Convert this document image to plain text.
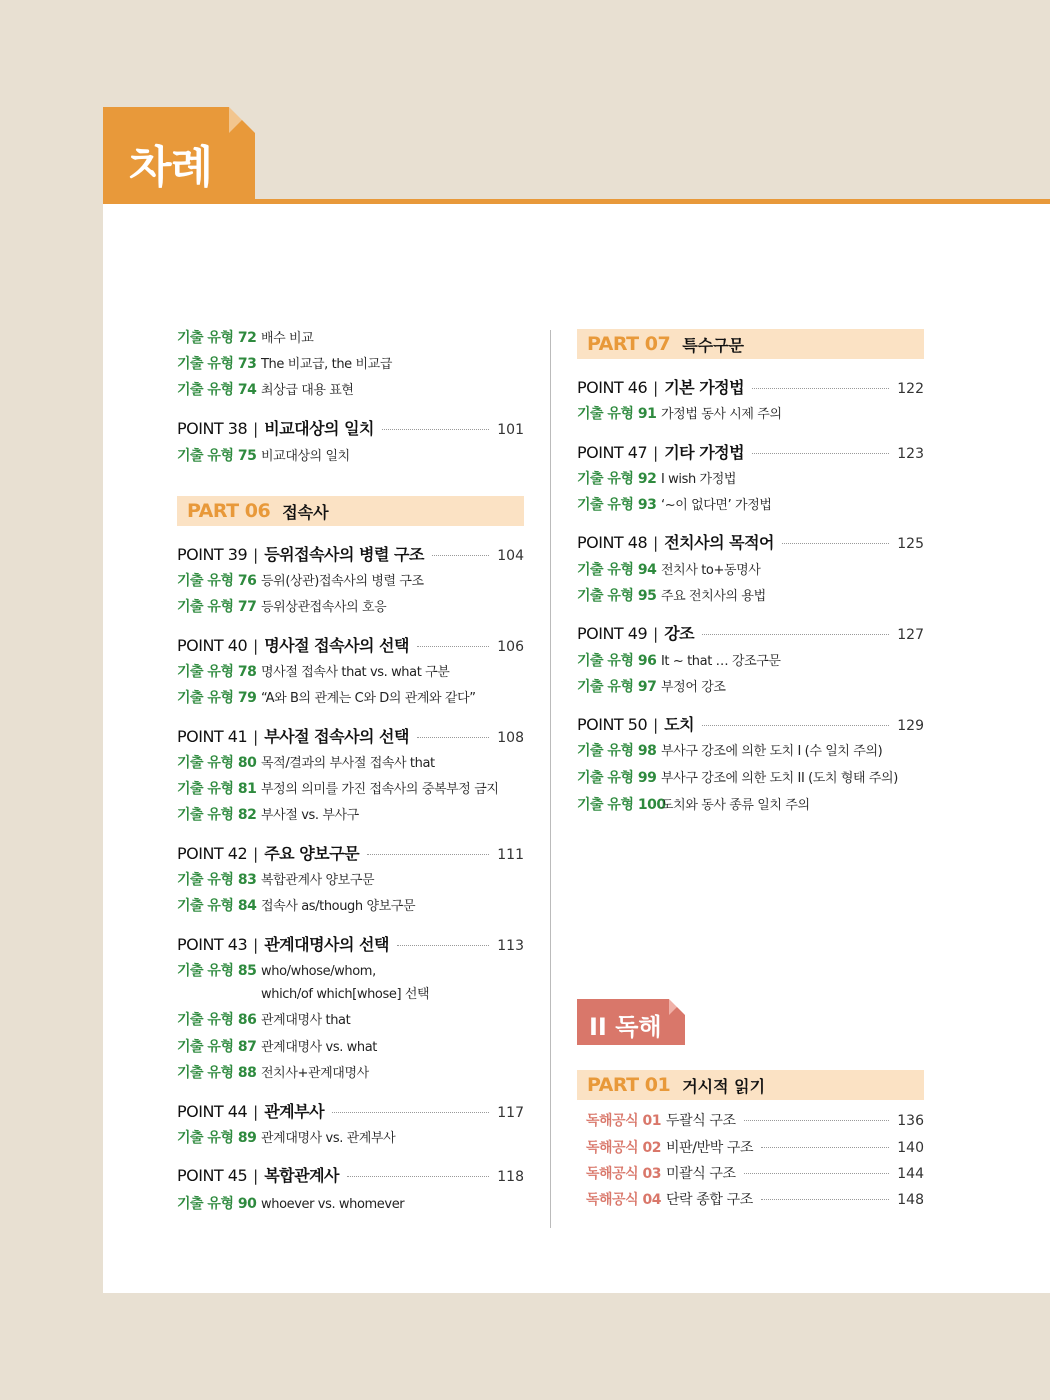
차례
기출 유형 72 배수 비교
기출 유형 73 The 비교급, the 비교급
기출 유형 74 최상급 대용 표현
POINT 38 | 비교대상의 일치	101
기출 유형 75 비교대상의 일치
PART 06 접속사
POINT 39 | 등위접속사의 병렬 구조	104
기출 유형 76 등위(상관)접속사의 병렬 구조
기출 유형 77 등위상관접속사의 호응
POINT 40 | 명사절 접속사의 선택	106
기출 유형 78 명사절 접속사 that vs. what 구분
기출 유형 79 “A와 B의 관계는 C와 D의 관계와 같다”
POINT 41 | 부사절 접속사의 선택	108
기출 유형 80 목적/결과의 부사절 접속사 that
기출 유형 81 부정의 의미를 가진 접속사의 중복부정 금지
기출 유형 82 부사절 vs. 부사구
POINT 42 | 주요 양보구문	111
기출 유형 83 복합관계사 양보구문
기출 유형 84 접속사 as/though 양보구문
POINT 43 | 관계대명사의 선택	113
기출 유형 85 who/whose/whom,
which/of which[whose] 선택
기출 유형 86 관계대명사 that
기출 유형 87 관계대명사 vs. what
기출 유형 88 전치사+관계대명사
POINT 44 | 관계부사	117
기출 유형 89 관계대명사 vs. 관계부사
POINT 45 | 복합관계사	118
기출 유형 90 whoever vs. whomever
PART 07 특수구문
POINT 46 | 기본 가정법	122
기출 유형 91 가정법 동사 시제 주의
POINT 47 | 기타 가정법	123
기출 유형 92 I wish 가정법
기출 유형 93 ‘~이 없다면’ 가정법
POINT 48 | 전치사의 목적어	125
기출 유형 94 전치사 to+동명사
기출 유형 95 주요 전치사의 용법
POINT 49 | 강조	127
기출 유형 96 It ~ that … 강조구문
기출 유형 97 부정어 강조
POINT 50 | 도치	129
기출 유형 98 부사구 강조에 의한 도치 I (수 일치 주의)
기출 유형 99 부사구 강조에 의한 도치 II (도치 형태 주의)
기출 유형 100
도치와 동사 종류 일치 주의
II 독해
PART 01 거시적 읽기
독해공식 01 두괄식 구조	136
독해공식 02 비판/반박 구조	140
독해공식 03 미괄식 구조	144
독해공식 04 단락 종합 구조	148
